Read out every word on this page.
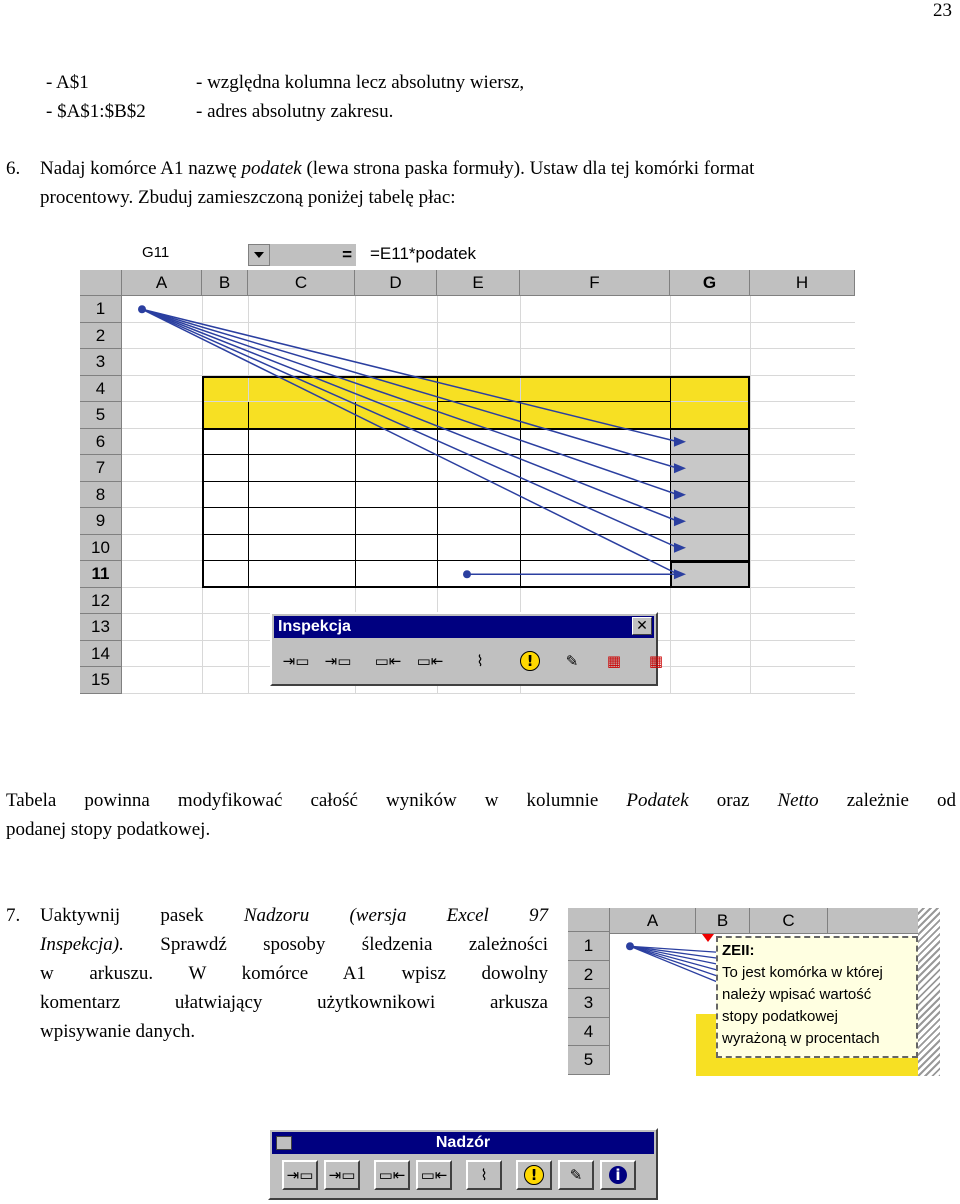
23
- A$1	- względna kolumna lecz absolutny wiersz,
- $A$1:$B$2	- adres absolutny zakresu.
6. Nadaj komórce A1 nazwę podatek (lewa strona paska formuły). Ustaw dla tej komórki format
procentowy. Zbuduj zamieszczoną poniżej tabelę płac:
G11	= =E11*podatek
A	B	C	D	E	F	G	H
1
2
3
4
5
6
7
8
9
10
11
12
13
14
15
Inspekcja	✕
⇥▭ ⇥▭ ▭⇤ ▭⇤ ⌇	!	✎ ▦ ▦
Tabela powinna modyfikować całość wyników w kolumnie Podatek oraz Netto zależnie od
podanej stopy podatkowej.
7. Uaktywnij pasek Nadzoru (wersja Excel 97
Inspekcja). Sprawdź sposoby śledzenia zależności
w arkuszu. W komórce A1 wpisz dowolny
komentarz ułatwiający użytkownikowi arkusza
wpisywanie danych.
A	B	C
1
2
3
4
5
ZEII:
To jest komórka w której
należy wpisać wartość
stopy podatkowej
wyrażoną w procentach
Nadzór
⇥▭ ⇥▭ ▭⇤ ▭⇤ ⌇	!	✎	i
